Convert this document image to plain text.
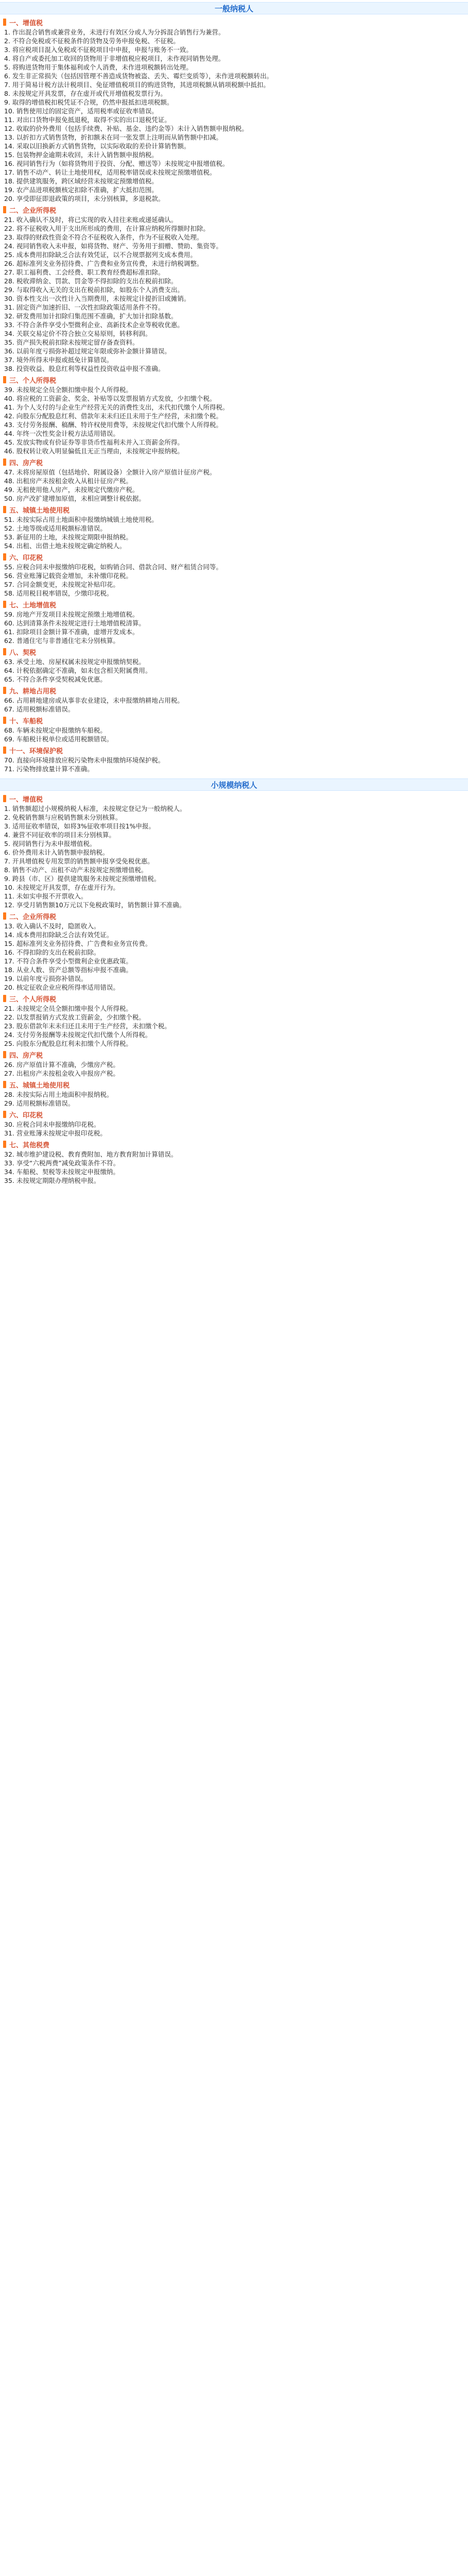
一般纳税人
一、增值税
1. 作出混合销售或兼营业务，未进行有效区分或人为分拆混合销售行为兼营。
2. 不符合免税或不征税条件的货物及劳务申报免税、不征税。
3. 将应税项目混入免税或不征税项目中申报，申报与账务不一致。
4. 将自产或委托加工收回的货物用于非增值税应税项目，未作视同销售处理。
5. 将购进货物用于集体福利或个人消费，未作进项税额转出处理。
6. 发生非正常损失（包括因管理不善造成货物被盗、丢失、霉烂变质等），未作进项税额转出。
7. 用于简易计税方法计税项目、免征增值税项目的购进货物，其进项税额从销项税额中抵扣。
8. 未按规定开具发票，存在虚开或代开增值税发票行为。
9. 取得的增值税扣税凭证不合规，仍然申报抵扣进项税额。
10. 销售使用过的固定资产，适用税率或征收率错误。
11. 对出口货物申报免抵退税，取得不实的出口退税凭证。
12. 收取的价外费用（包括手续费、补贴、基金、违约金等）未计入销售额申报纳税。
13. 以折扣方式销售货物，折扣额未在同一张发票上注明而从销售额中扣减。
14. 采取以旧换新方式销售货物，以实际收取的差价计算销售额。
15. 包装物押金逾期未收回，未计入销售额申报纳税。
16. 视同销售行为（如将货物用于投资、分配、赠送等）未按规定申报增值税。
17. 销售不动产、转让土地使用权，适用税率错误或未按规定预缴增值税。
18. 提供建筑服务，跨区域经营未按规定预缴增值税。
19. 农产品进项税额核定扣除不准确，扩大抵扣范围。
20. 享受即征即退政策的项目，未分别核算，多退税款。
二、企业所得税
21. 收入确认不及时，将已实现的收入挂往来账或递延确认。
22. 将不征税收入用于支出所形成的费用，在计算应纳税所得额时扣除。
23. 取得的财政性资金不符合不征税收入条件，作为不征税收入处理。
24. 视同销售收入未申报，如将货物、财产、劳务用于捐赠、赞助、集资等。
25. 成本费用扣除缺乏合法有效凭证，以不合规票据列支成本费用。
26. 超标准列支业务招待费、广告费和业务宣传费，未进行纳税调整。
27. 职工福利费、工会经费、职工教育经费超标准扣除。
28. 税收滞纳金、罚款、罚金等不得扣除的支出在税前扣除。
29. 与取得收入无关的支出在税前扣除，如股东个人消费支出。
30. 资本性支出一次性计入当期费用，未按规定计提折旧或摊销。
31. 固定资产加速折旧、一次性扣除政策适用条件不符。
32. 研发费用加计扣除归集范围不准确，扩大加计扣除基数。
33. 不符合条件享受小型微利企业、高新技术企业等税收优惠。
34. 关联交易定价不符合独立交易原则，转移利润。
35. 资产损失税前扣除未按规定留存备查资料。
36. 以前年度亏损弥补超过规定年限或弥补金额计算错误。
37. 境外所得未申报或抵免计算错误。
38. 投资收益、股息红利等权益性投资收益申报不准确。
三、个人所得税
39. 未按规定全员全额扣缴申报个人所得税。
40. 将应税的工资薪金、奖金、补贴等以发票报销方式发放，少扣缴个税。
41. 为个人支付的与企业生产经营无关的消费性支出，未代扣代缴个人所得税。
42. 向股东分配股息红利、借款年末未归还且未用于生产经营，未扣缴个税。
43. 支付劳务报酬、稿酬、特许权使用费等，未按规定代扣代缴个人所得税。
44. 年终一次性奖金计税方法适用错误。
45. 发放实物或有价证券等非货币性福利未并入工资薪金所得。
46. 股权转让收入明显偏低且无正当理由，未按规定申报纳税。
四、房产税
47. 未将房屋原值（包括地价、附属设备）全额计入房产原值计征房产税。
48. 出租房产未按租金收入从租计征房产税。
49. 无租使用他人房产，未按规定代缴房产税。
50. 房产改扩建增加原值，未相应调整计税依据。
五、城镇土地使用税
51. 未按实际占用土地面积申报缴纳城镇土地使用税。
52. 土地等级或适用税额标准错误。
53. 新征用的土地，未按规定期限申报纳税。
54. 出租、出借土地未按规定确定纳税人。
六、印花税
55. 应税合同未申报缴纳印花税，如购销合同、借款合同、财产租赁合同等。
56. 营业账簿记载资金增加，未补缴印花税。
57. 合同金额变更，未按规定补贴印花。
58. 适用税目税率错误，少缴印花税。
七、土地增值税
59. 房地产开发项目未按规定预缴土地增值税。
60. 达到清算条件未按规定进行土地增值税清算。
61. 扣除项目金额计算不准确，虚增开发成本。
62. 普通住宅与非普通住宅未分别核算。
八、契税
63. 承受土地、房屋权属未按规定申报缴纳契税。
64. 计税依据确定不准确，如未包含相关附属费用。
65. 不符合条件享受契税减免优惠。
九、耕地占用税
66. 占用耕地建房或从事非农业建设，未申报缴纳耕地占用税。
67. 适用税额标准错误。
十、车船税
68. 车辆未按规定申报缴纳车船税。
69. 车船税计税单位或适用税额错误。
十一、环境保护税
70. 直接向环境排放应税污染物未申报缴纳环境保护税。
71. 污染物排放量计算不准确。
小规模纳税人
一、增值税
1. 销售额超过小规模纳税人标准，未按规定登记为一般纳税人。
2. 免税销售额与应税销售额未分别核算。
3. 适用征收率错误，如将3%征收率项目按1%申报。
4. 兼营不同征收率的项目未分别核算。
5. 视同销售行为未申报增值税。
6. 价外费用未计入销售额申报纳税。
7. 开具增值税专用发票的销售额申报享受免税优惠。
8. 销售不动产、出租不动产未按规定预缴增值税。
9. 跨县（市、区）提供建筑服务未按规定预缴增值税。
10. 未按规定开具发票，存在虚开行为。
11. 未如实申报不开票收入。
12. 享受月销售额10万元以下免税政策时，销售额计算不准确。
二、企业所得税
13. 收入确认不及时，隐匿收入。
14. 成本费用扣除缺乏合法有效凭证。
15. 超标准列支业务招待费、广告费和业务宣传费。
16. 不得扣除的支出在税前扣除。
17. 不符合条件享受小型微利企业优惠政策。
18. 从业人数、资产总额等指标申报不准确。
19. 以前年度亏损弥补错误。
20. 核定征收企业应税所得率适用错误。
三、个人所得税
21. 未按规定全员全额扣缴申报个人所得税。
22. 以发票报销方式发放工资薪金，少扣缴个税。
23. 股东借款年末未归还且未用于生产经营，未扣缴个税。
24. 支付劳务报酬等未按规定代扣代缴个人所得税。
25. 向股东分配股息红利未扣缴个人所得税。
四、房产税
26. 房产原值计算不准确，少缴房产税。
27. 出租房产未按租金收入申报房产税。
五、城镇土地使用税
28. 未按实际占用土地面积申报纳税。
29. 适用税额标准错误。
六、印花税
30. 应税合同未申报缴纳印花税。
31. 营业账簿未按规定申报印花税。
七、其他税费
32. 城市维护建设税、教育费附加、地方教育附加计算错误。
33. 享受“六税两费”减免政策条件不符。
34. 车船税、契税等未按规定申报缴纳。
35. 未按规定期限办理纳税申报。
